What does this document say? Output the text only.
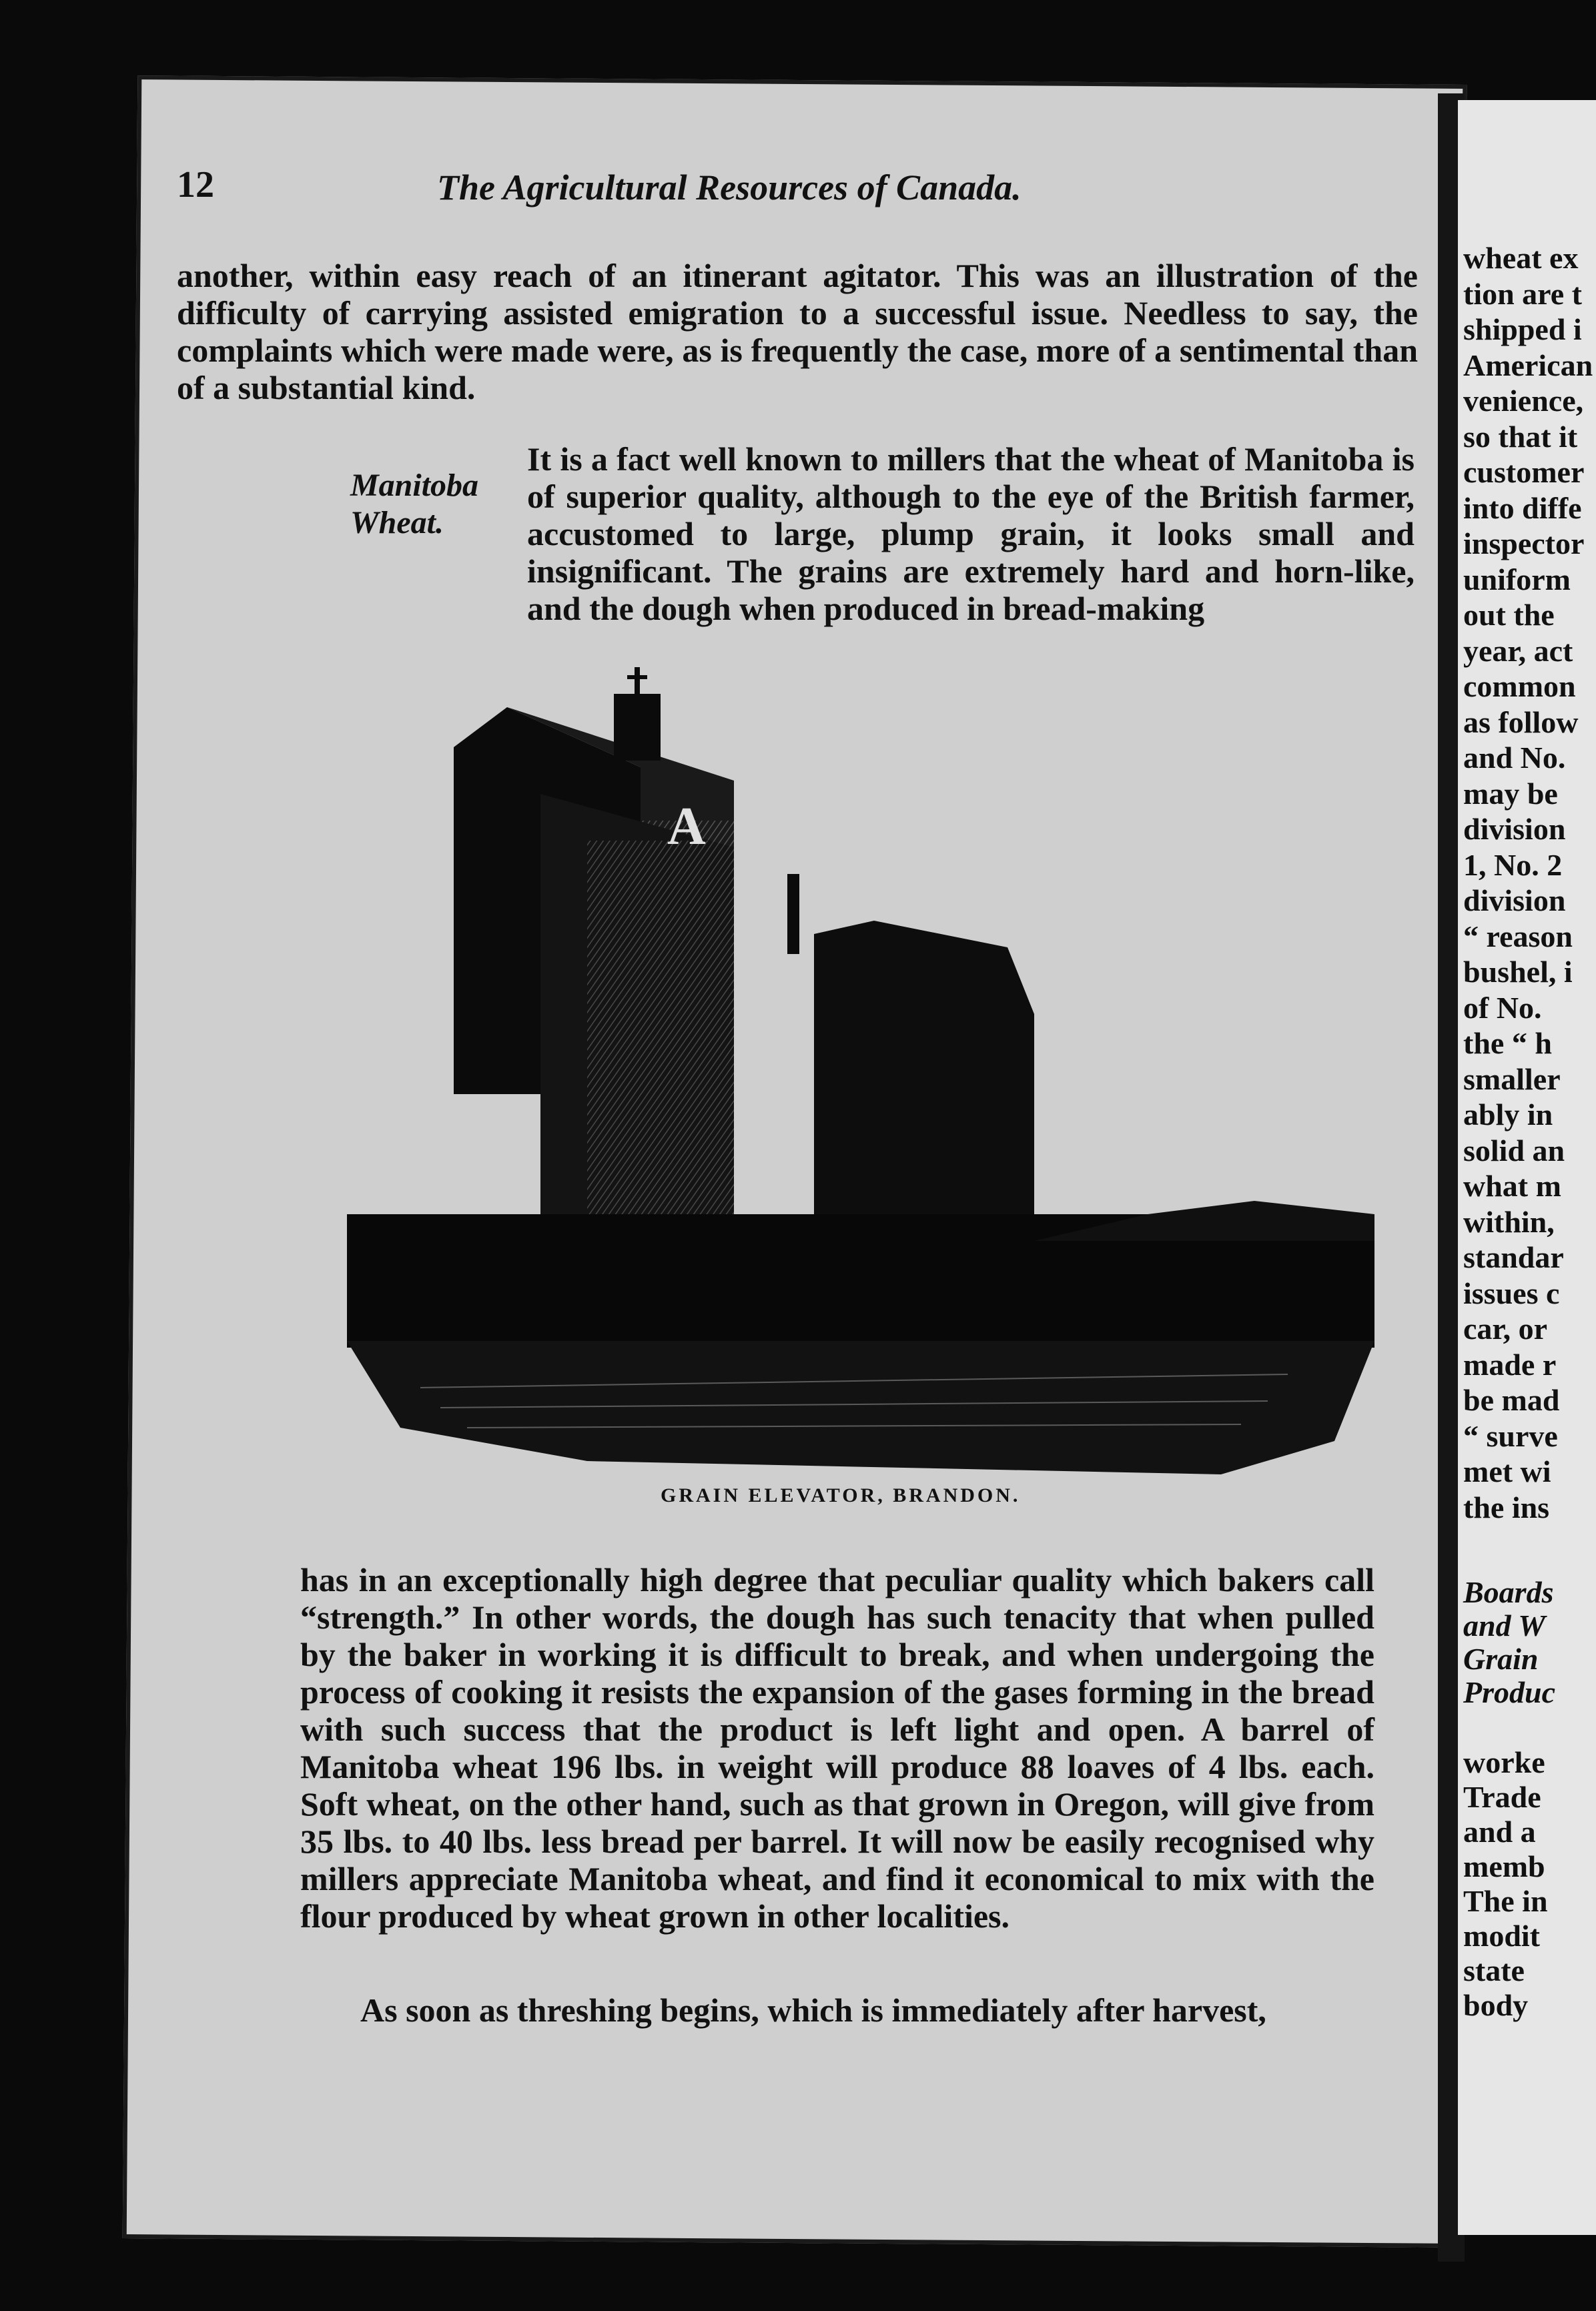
wheat ex
tion are t
shipped i
American
venience,
so that it
customer
into diffe
inspector
uniform
out the
year, act
common
as follow
and No.
may be
division
1, No. 2
division
“ reason
bushel, i
of No.
the “ h
smaller
ably in
solid an
what m
within,
standar
issues c
car, or
made r
be mad
“ surve
met wi
the ins
Boards
and W
Grain
Produc
worke
Trade
and a
memb
The in
modit
state
body
12	The Agricultural Resources of Canada.
another, within easy reach of an itinerant agitator. This was an illustration of the difficulty of carrying assisted emigration to a successful issue. Needless to say, the complaints which were made were, as is frequently the case, more of a sentimental than of a substantial kind.
Manitoba
Wheat.
It is a fact well known to millers that the wheat of Manitoba is of superior quality, although to the eye of the British farmer, accustomed to large, plump grain, it looks small and insignificant. The grains are extremely hard and horn-like, and the dough when produced in bread-making
A
GRAIN ELEVATOR, BRANDON.
has in an exceptionally high degree that peculiar quality which bakers call “strength.” In other words, the dough has such tenacity that when pulled by the baker in working it is difficult to break, and when undergoing the process of cooking it resists the expansion of the gases forming in the bread with such success that the product is left light and open. A barrel of Manitoba wheat 196 lbs. in weight will produce 88 loaves of 4 lbs. each. Soft wheat, on the other hand, such as that grown in Oregon, will give from 35 lbs. to 40 lbs. less bread per barrel. It will now be easily recognised why millers appreciate Manitoba wheat, and find it economical to mix with the flour produced by wheat grown in other localities.
As soon as threshing begins, which is immediately after harvest,
